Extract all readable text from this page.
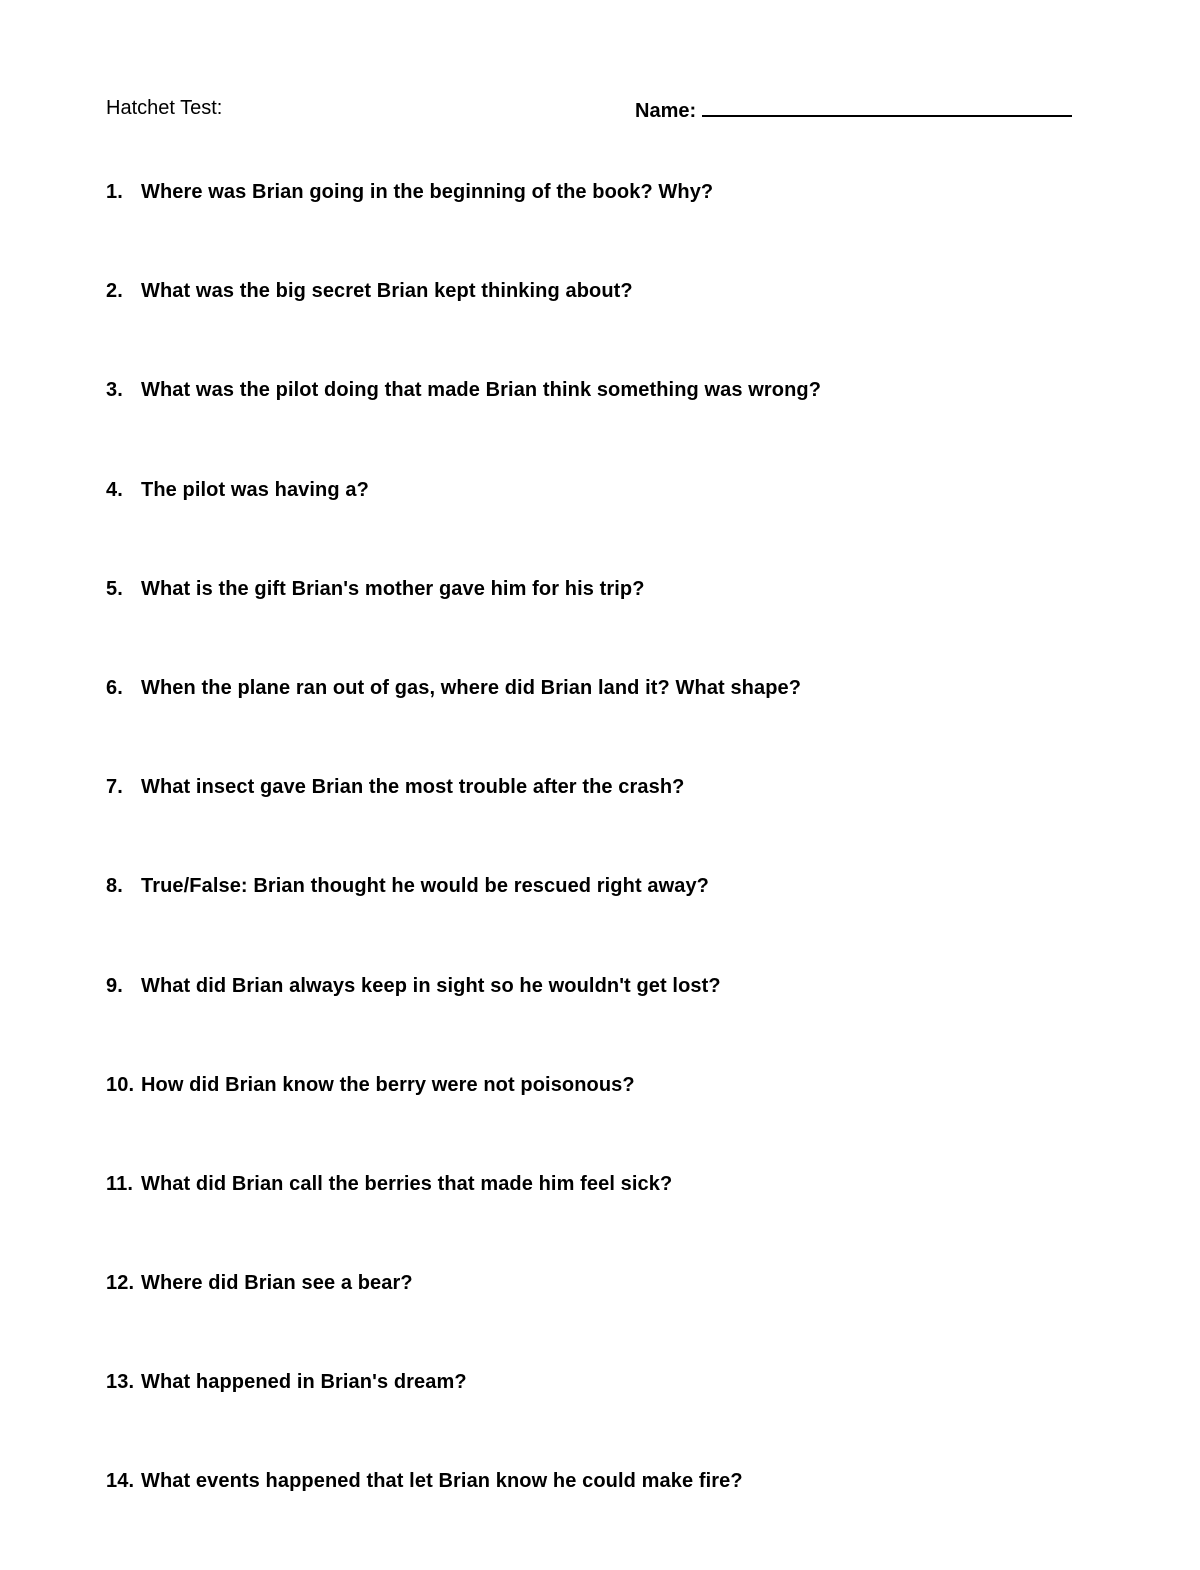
Hatchet Test:	Name:
1. Where was Brian going in the beginning of the book? Why?
2. What was the big secret Brian kept thinking about?
3. What was the pilot doing that made Brian think something was wrong?
4. The pilot was having a?
5. What is the gift Brian's mother gave him for his trip?
6. When the plane ran out of gas, where did Brian land it? What shape?
7. What insect gave Brian the most trouble after the crash?
8. True/False: Brian thought he would be rescued right away?
9. What did Brian always keep in sight so he wouldn't get lost?
10. How did Brian know the berry were not poisonous?
11. What did Brian call the berries that made him feel sick?
12. Where did Brian see a bear?
13. What happened in Brian's dream?
14. What events happened that let Brian know he could make fire?
